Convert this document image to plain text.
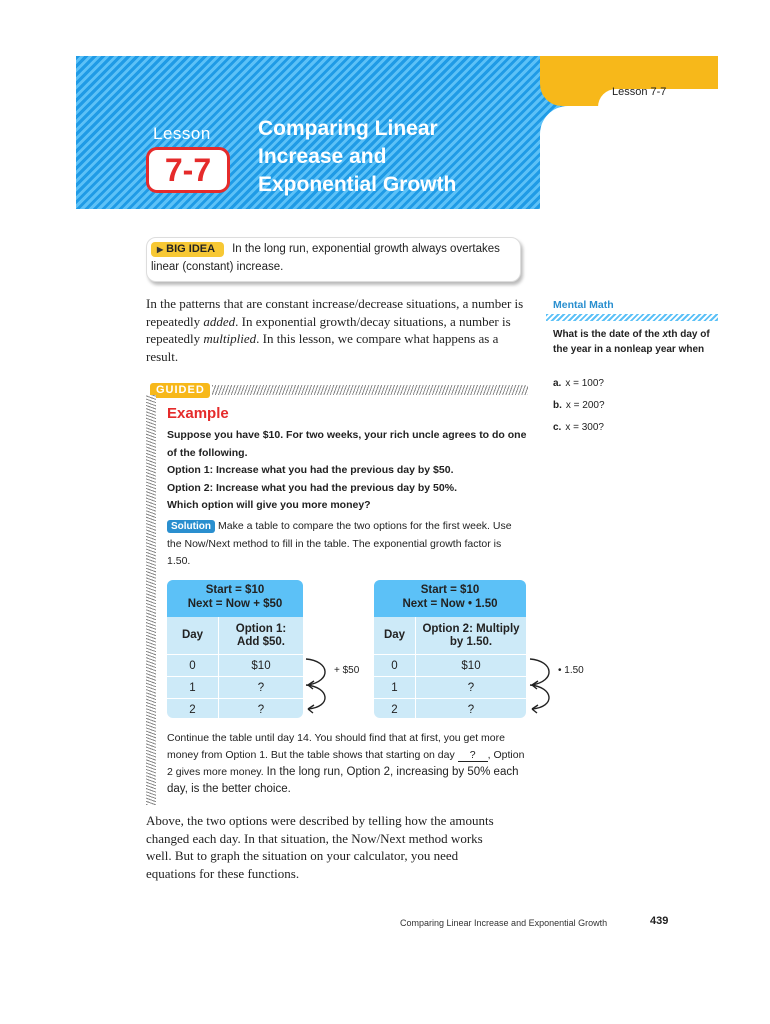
Lesson 7-7
Lesson
7-7
Comparing Linear
Increase and
Exponential Growth
▶ BIG IDEA In the long run, exponential growth always overtakes linear (constant) increase.
In the patterns that are constant increase/decrease situations, a number is repeatedly added. In exponential growth/decay situations, a number is repeatedly multiplied. In this lesson, we compare what happens as a result.
Mental Math
What is the date of the xth day of the year in a nonleap year when
a. x = 100?
b. x = 200?
c. x = 300?
GUIDED
Example
Suppose you have $10. For two weeks, your rich uncle agrees to do one of the following.
Option 1: Increase what you had the previous day by $50.
Option 2: Increase what you had the previous day by 50%.
Which option will give you more money?
Solution Make a table to compare the two options for the first week. Use the Now/Next method to fill in the table. The exponential growth factor is 1.50.
Start = $10
Next = Now + $50
Day
Option 1:
Add $50.
0	$10
1	?
2	?
+ $50
Start = $10
Next = Now • 1.50
Day
Option 2: Multiply
by 1.50.
0	$10
1	?
2	?
• 1.50
Continue the table until day 14. You should find that at first, you get more money from Option 1. But the table shows that starting on day ? , Option 2 gives more money. In the long run, Option 2, increasing by 50% each day, is the better choice.
Above, the two options were described by telling how the amounts changed each day. In that situation, the Now/Next method works well. But to graph the situation on your calculator, you need equations for these functions.
Comparing Linear Increase and Exponential Growth	439
